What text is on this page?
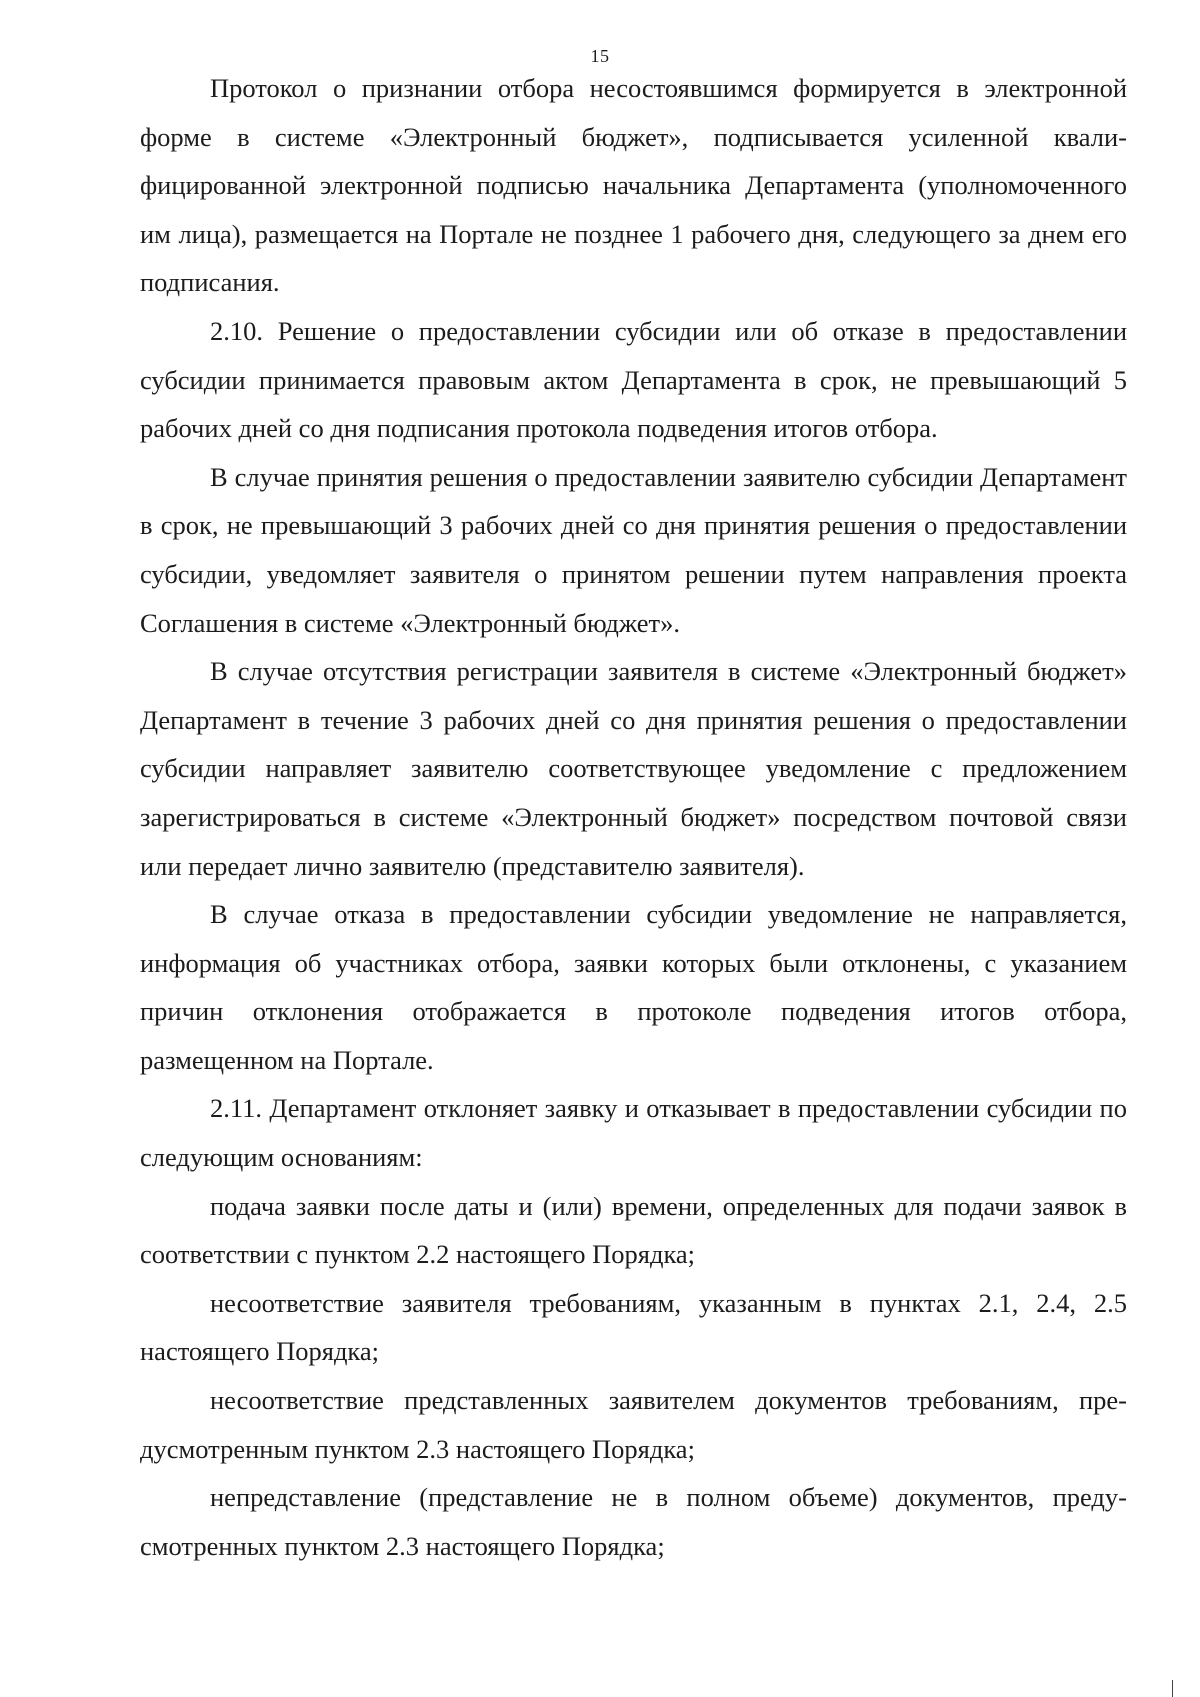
15

Протокол о признании отбора несостоявшимся формируется в электронной форме в системе «Электронный бюджет», подписывается усиленной квалифицированной электронной подписью начальника Департамента (уполномоченного им лица), размещается на Портале не позднее 1 рабочего дня, следующего за днем его подписания.

2.10. Решение о предоставлении субсидии или об отказе в предоставлении субсидии принимается правовым актом Департамента в срок, не превышающий 5 рабочих дней со дня подписания протокола подведения итогов отбора.

В случае принятия решения о предоставлении заявителю субсидии Департамент в срок, не превышающий 3 рабочих дней со дня принятия решения о предоставлении субсидии, уведомляет заявителя о принятом решении путем направления проекта Соглашения в системе «Электронный бюджет».

В случае отсутствия регистрации заявителя в системе «Электронный бюджет» Департамент в течение 3 рабочих дней со дня принятия решения о предоставлении субсидии направляет заявителю соответствующее уведомление с предложением зарегистрироваться в системе «Электронный бюджет» посредством почтовой связи или передает лично заявителю (представителю заявителя).

В случае отказа в предоставлении субсидии уведомление не направляется, информация об участниках отбора, заявки которых были отклонены, с указанием причин отклонения отображается в протоколе подведения итогов отбора, размещенном на Портале.

2.11. Департамент отклоняет заявку и отказывает в предоставлении субсидии по следующим основаниям:

подача заявки после даты и (или) времени, определенных для подачи заявок в соответствии с пунктом 2.2 настоящего Порядка;

несоответствие заявителя требованиям, указанным в пунктах 2.1, 2.4, 2.5 настоящего Порядка;

несоответствие представленных заявителем документов требованиям, предусмотренным пунктом 2.3 настоящего Порядка;

непредставление (представление не в полном объеме) документов, предусмотренных пунктом 2.3 настоящего Порядка;
